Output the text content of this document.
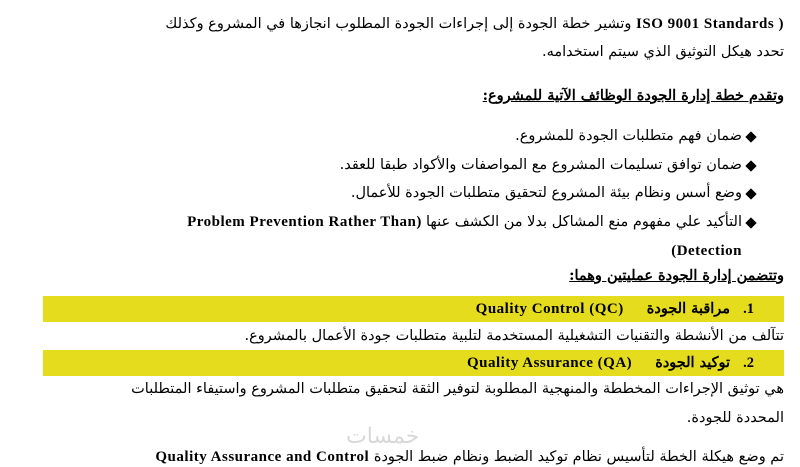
( ISO 9001 Standards وتشير خطة الجودة إلى إجراءات الجودة المطلوب انجازها في المشروع وكذلك
تحدد هيكل التوثيق الذي سيتم استخدامه.
وتقدم خطة إدارة الجودة الوظائف الآتية للمشروع:
ضمان فهم متطلبات الجودة للمشروع.
ضمان توافق تسليمات المشروع مع المواصفات والأكواد طبقا للعقد.
وضع أسس ونظام بيئة المشروع لتحقيق متطلبات الجودة للأعمال.
التأكيد علي مفهوم منع المشاكل بدلا من الكشف عنها (Problem Prevention Rather Than
Detection)
وتتضمن إدارة الجودة عمليتين وهما:
1. مراقبة الجودة Quality Control (QC)
تتآلف من الأنشطة والتقنيات التشغيلية المستخدمة لتلبية متطلبات جودة الأعمال بالمشروع.
2. توكيد الجودة Quality Assurance (QA)
هي توثيق الإجراءات المخططة والمنهجية المطلوبة لتوفير الثقة لتحقيق متطلبات المشروع واستيفاء المتطلبات
المحددة للجودة.
خمسات
تم وضع هيكلة الخطة لتأسيس نظام توكيد الضبط ونظام ضبط الجودة Quality Assurance and Control
